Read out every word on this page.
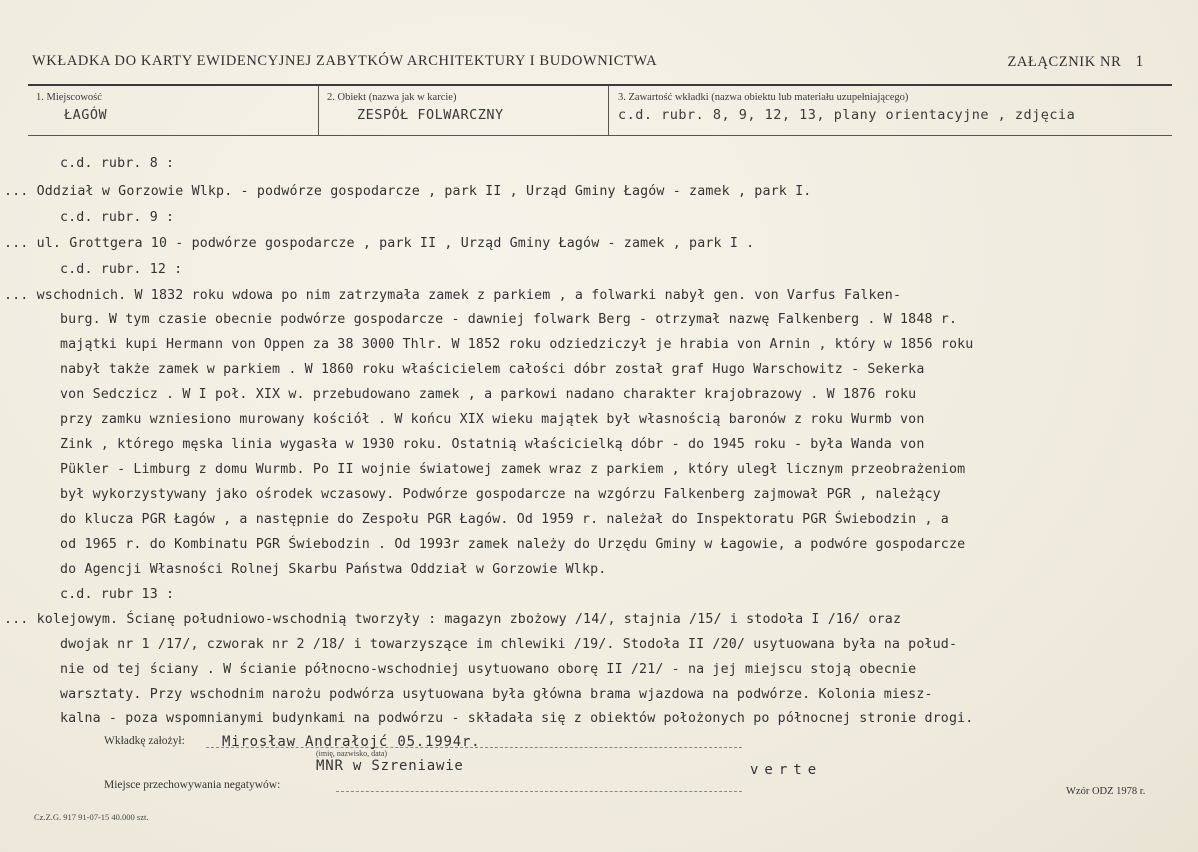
WKŁADKA DO KARTY EWIDENCYJNEJ ZABYTKÓW ARCHITEKTURY I BUDOWNICTWA	ZAŁĄCZNIK NR 1
1. Miejscowość
ŁAGÓW
2. Obiekt (nazwa jak w karcie)
ZESPÓŁ FOLWARCZNY
3. Zawartość wkładki (nazwa obiektu lub materiału uzupełniającego)
c.d. rubr. 8, 9, 12, 13, plany orientacyjne , zdjęcia
c.d. rubr. 8 :
... Oddział w Gorzowie Wlkp. - podwórze gospodarcze , park II , Urząd Gminy Łagów - zamek , park I.
c.d. rubr. 9 :
... ul. Grottgera 10 - podwórze gospodarcze , park II , Urząd Gminy Łagów - zamek , park I .
c.d. rubr. 12 :
... wschodnich. W 1832 roku wdowa po nim zatrzymała zamek z parkiem , a folwarki nabył gen. von Varfus Falken-
burg. W tym czasie obecnie podwórze gospodarcze - dawniej folwark Berg - otrzymał nazwę Falkenberg . W 1848 r.
majątki kupi Hermann von Oppen za 38 3000 Thlr. W 1852 roku odziedziczył je hrabia von Arnin , który w 1856 roku
nabył także zamek w parkiem . W 1860 roku właścicielem całości dóbr został graf Hugo Warschowitz - Sekerka
von Sedczicz . W I poł. XIX w. przebudowano zamek , a parkowi nadano charakter krajobrazowy . W 1876 roku
przy zamku wzniesiono murowany kościół . W końcu XIX wieku majątek był własnością baronów z roku Wurmb von
Zink , którego męska linia wygasła w 1930 roku. Ostatnią właścicielką dóbr - do 1945 roku - była Wanda von
Pükler - Limburg z domu Wurmb. Po II wojnie światowej zamek wraz z parkiem , który uległ licznym przeobrażeniom
był wykorzystywany jako ośrodek wczasowy. Podwórze gospodarcze na wzgórzu Falkenberg zajmował PGR , należący
do klucza PGR Łagów , a następnie do Zespołu PGR Łagów. Od 1959 r. należał do Inspektoratu PGR Świebodzin , a
od 1965 r. do Kombinatu PGR Świebodzin . Od 1993r zamek należy do Urzędu Gminy w Łagowie, a podwóre gospodarcze
do Agencji Własności Rolnej Skarbu Państwa Oddział w Gorzowie Wlkp.
c.d. rubr 13 :
... kolejowym. Ścianę południowo-wschodnią tworzyły : magazyn zbożowy /14/, stajnia /15/ i stodoła I /16/ oraz
dwojak nr 1 /17/, czworak nr 2 /18/ i towarzyszące im chlewiki /19/. Stodoła II /20/ usytuowana była na połud-
nie od tej ściany . W ścianie północno-wschodniej usytuowano oborę II /21/ - na jej miejscu stoją obecnie
warsztaty. Przy wschodnim narożu podwórza usytuowana była główna brama wjazdowa na podwórze. Kolonia miesz-
kalna - poza wspomnianymi budynkami na podwórzu - składała się z obiektów położonych po północnej stronie drogi.
Wkładkę założył:	Mirosław Andrałojć 05.1994r.
(imię, nazwisko, data)
MNR w Szreniawie
Miejsce przechowywania negatywów:
verte
Cz.Z.G. 917 91-07-15 40.000 szt.
Wzór ODZ 1978 r.
